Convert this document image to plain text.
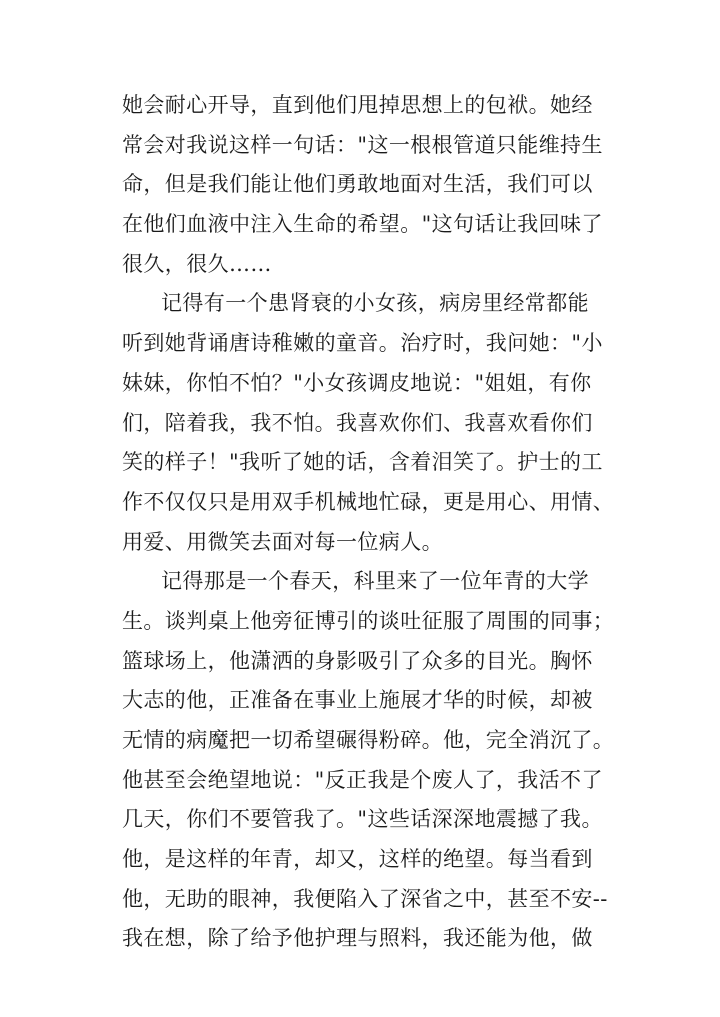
她会耐心开导，直到他们甩掉思想上的包袱。她经
常会对我说这样一句话："这一根根管道只能维持生
命，但是我们能让他们勇敢地面对生活，我们可以
在他们血液中注入生命的希望。"这句话让我回味了
很久，很久……
记得有一个患肾衰的小女孩，病房里经常都能
听到她背诵唐诗稚嫩的童音。治疗时，我问她："小
妹妹，你怕不怕？"小女孩调皮地说："姐姐，有你
们，陪着我，我不怕。我喜欢你们、我喜欢看你们
笑的样子！"我听了她的话，含着泪笑了。护士的工
作不仅仅只是用双手机械地忙碌，更是用心、用情、
用爱、用微笑去面对每一位病人。
记得那是一个春天，科里来了一位年青的大学
生。谈判桌上他旁征博引的谈吐征服了周围的同事；
篮球场上，他潇洒的身影吸引了众多的目光。胸怀
大志的他，正准备在事业上施展才华的时候，却被
无情的病魔把一切希望碾得粉碎。他，完全消沉了。
他甚至会绝望地说："反正我是个废人了，我活不了
几天，你们不要管我了。"这些话深深地震撼了我。
他，是这样的年青，却又，这样的绝望。每当看到
他，无助的眼神，我便陷入了深省之中，甚至不安--
我在想，除了给予他护理与照料，我还能为他，做
